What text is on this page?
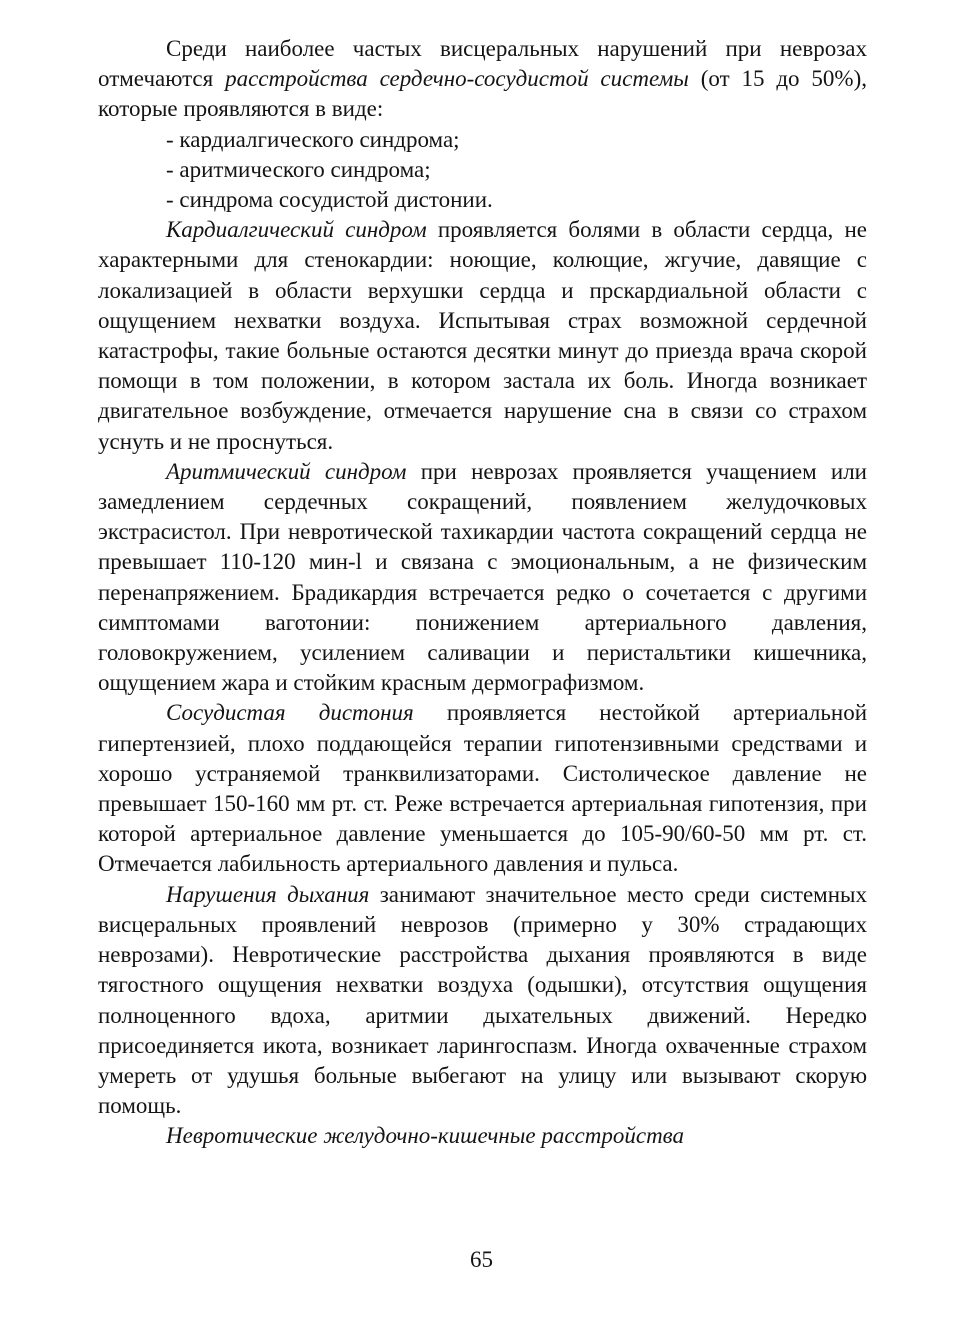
Среди наиболее частых висцеральных нарушений при неврозах отмечаются расстройства сердечно-сосудистой системы (от 15 до 50%), которые проявляются в виде:

- кардиалгического синдрома;

- аритмического синдрома;

- синдрома сосудистой дистонии.

Кардиалгический синдром проявляется болями в области сердца, не характерными для стенокардии: ноющие, колющие, жгучие, давящие с локализацией в области верхушки сердца и прскардиальной области с ощущением нехватки воздуха. Испытывая страх возможной сердечной катастрофы, такие больные остаются десятки минут до приезда врача скорой помощи в том положении, в котором застала их боль. Иногда возникает двигательное возбуждение, отмечается нарушение сна в связи со страхом уснуть и не проснуться.

Аритмический синдром при неврозах проявляется учащением или замедлением сердечных сокращений, появлением желудочковых экстрасистол. При невротической тахикардии частота сокращений сердца не превышает 110-120 мин-l и связана с эмоциональным, а не физическим перенапряжением. Брадикардия встречается редко о сочетается с другими симптомами ваготонии: понижением артериального давления, головокружением, усилением саливации и перистальтики кишечника, ощущением жара и стойким красным дермографизмом.

Сосудистая дистония проявляется нестойкой артериальной гипертензией, плохо поддающейся терапии гипотензивными средствами и хорошо устраняемой транквилизаторами. Систолическое давление не превышает 150-160 мм рт. ст. Реже встречается артериальная гипотензия, при которой артериальное давление уменьшается до 105-90/60-50 мм рт. ст. Отмечается лабильность артериального давления и пульса.

Нарушения дыхания занимают значительное место среди системных висцеральных проявлений неврозов (примерно у 30% страдающих неврозами). Невротические расстройства дыхания проявляются в виде тягостного ощущения нехватки воздуха (одышки), отсутствия ощущения полноценного вдоха, аритмии дыхательных движений. Нередко присоединяется икота, возникает ларингоспазм. Иногда охваченные страхом умереть от удушья больные выбегают на улицу или вызывают скорую помощь.

Невротические желудочно-кишечные расстройства

65
